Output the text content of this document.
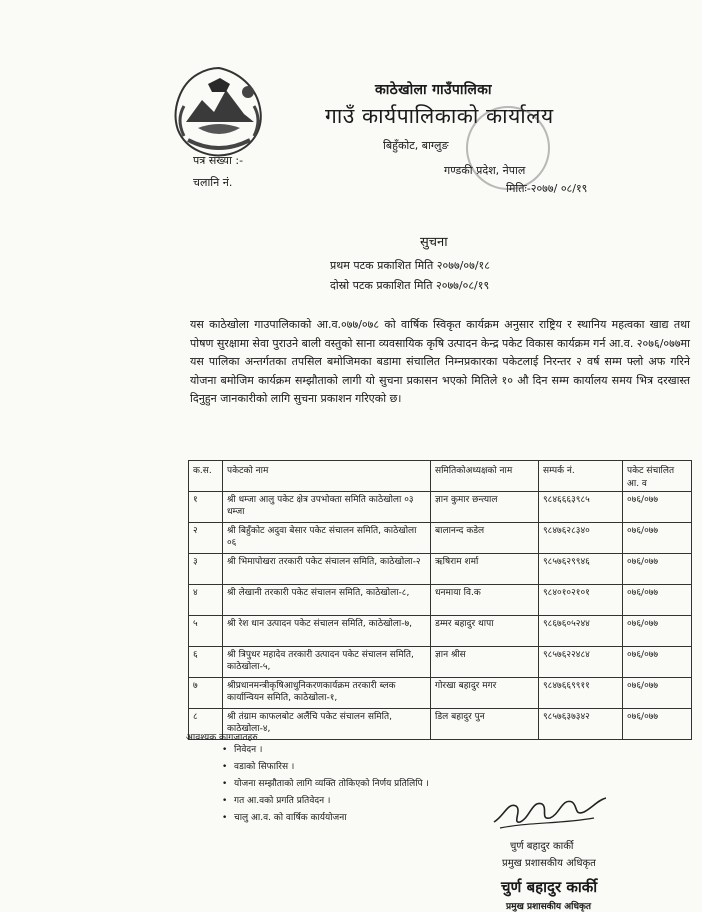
काठेखोला गाउँपालिका
गाउँ कार्यपालिकाको कार्यालय
बिहुँकोट, बाग्लुङ
गण्डकी प्रदेश, नेपाल
मितिः-२०७७/ ०८/१९
पत्र संख्या :-
चलानि नं.
सुचना
प्रथम पटक प्रकाशित मिति २०७७/०७/१८
दोस्रो पटक प्रकाशित मिति २०७७/०८/१९
यस काठेखोला गाउपालिकाको आ.व.०७७/०७८ को वार्षिक स्विकृत कार्यक्रम अनुसार राष्ट्रिय र स्थानिय महत्वका खाद्य तथा पोषण सुरक्षामा सेवा पुराउने बाली वस्तुको साना व्यवसायिक कृषि उत्पादन केन्द्र पकेट विकास कार्यक्रम गर्न आ.व. २०७६/०७७मा यस पालिका अन्तर्गतका तपसिल बमोजिमका बडामा संचालित निम्नप्रकारका पकेटलाई निरन्तर २ वर्ष सम्म फ्लो अफ गरिने योजना बमोजिम कार्यक्रम सम्झौताको लागी यो सुचना प्रकासन भएको मितिले १० औ दिन सम्म कार्यालय समय भित्र दरखास्त दिनुहुन जानकारीको लागि सुचना प्रकाशन गरिएको छ।
क.स.	पकेटको नाम	समितिकोअध्यक्षको नाम	सम्पर्क नं.	पकेट संचालित आ. व
१	श्री धम्जा आलु पकेट क्षेत्र उपभोक्ता समिति काठेखोला ०३ धम्जा	ज्ञान कुमार छन्त्याल	९८४६६६३९८५	०७६/०७७
२	श्री बिहुँकोट अदुवा बेसार पकेट संचालन समिति, काठेखोला ०६	बालानन्द कडेल	९८४७६२८३४०	०७६/०७७
३	श्री भिमापोखरा तरकारी पकेट संचालन समिति, काठेखोला-२	ऋषिराम शर्मा	९८५७६२९९४६	०७६/०७७
४	श्री लेखानी तरकारी पकेट संचालन समिति, काठेखोला-८,	धनमाया वि.क	९८४०१०२१०१	०७६/०७७
५	श्री रेश धान उत्पादन पकेट संचालन समिति, काठेखोला-७,	डम्मर बहादुर थापा	९८६७६०५२४४	०७६/०७७
६	श्री त्रिपुधर महादेव तरकारी उत्पादन पकेट संचालन समिति, काठेखोला-५,	ज्ञान श्रीस	९८५७६२२४८४	०७६/०७७
७	श्रीप्रधानमन्त्रीकृषिआधुनिकरणकार्यक्रम तरकारी ब्लक कार्यान्वियन समिति, काठेखोला-१,	गोरखा बहादुर मगर	९८४७६६९९११	०७६/०७७
८	श्री तंग्राम काफलबोट अलैंचि पकेट संचालन समिति, काठेखोला-४,	डिल बहादुर पुन	९८५७६३७३४२	०७६/०७७
आवश्यक कागजातहरु
• निवेदन ।
• वडाको सिफारिस ।
• योजना सम्झौताको लागि व्यक्ति तोकिएको निर्णय प्रतिलिपि ।
• गत आ.वको प्रगति प्रतिवेदन ।
• चालु आ.व. को वार्षिक कार्ययोजना
चुर्ण बहादुर कार्की
प्रमुख प्रशासकीय अधिकृत
चुर्ण बहादुर कार्की
प्रमुख प्रशासकीय अधिकृत
